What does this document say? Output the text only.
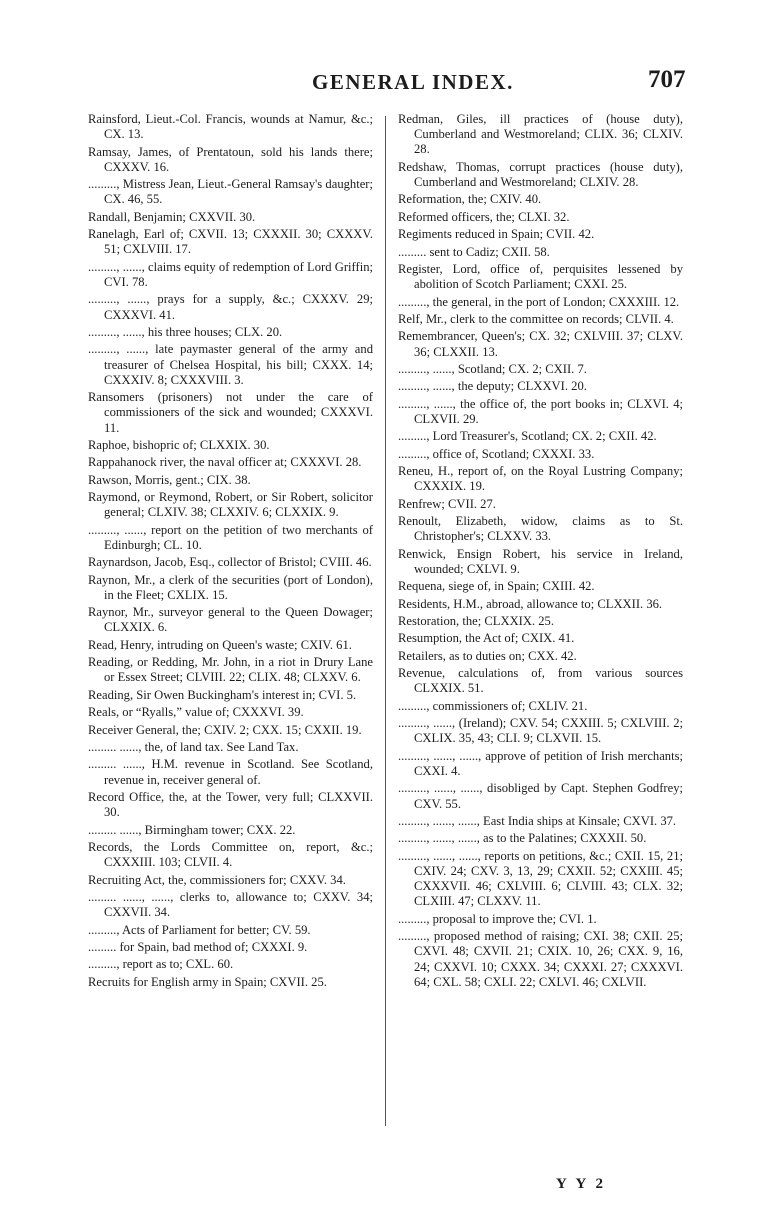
GENERAL INDEX.	707
Rainsford, Lieut.-Col. Francis, wounds at Namur, &c.; CX. 13.
Ramsay, James, of Prentatoun, sold his lands there; CXXXV. 16.
........., Mistress Jean, Lieut.-General Ramsay's daughter; CX. 46, 55.
Randall, Benjamin; CXXVII. 30.
Ranelagh, Earl of; CXVII. 13; CXXXII. 30; CXXXV. 51; CXLVIII. 17.
........., ......, claims equity of redemption of Lord Griffin; CVI. 78.
........., ......, prays for a supply, &c.; CXXXV. 29; CXXXVI. 41.
........., ......, his three houses; CLX. 20.
........., ......, late paymaster general of the army and treasurer of Chelsea Hospital, his bill; CXXX. 14; CXXXIV. 8; CXXXVIII. 3.
Ransomers (prisoners) not under the care of commissioners of the sick and wounded; CXXXVI. 11.
Raphoe, bishopric of; CLXXIX. 30.
Rappahanock river, the naval officer at; CXXXVI. 28.
Rawson, Morris, gent.; CIX. 38.
Raymond, or Reymond, Robert, or Sir Robert, solicitor general; CLXIV. 38; CLXXIV. 6; CLXXIX. 9.
........., ......, report on the petition of two merchants of Edinburgh; CL. 10.
Raynardson, Jacob, Esq., collector of Bristol; CVIII. 46.
Raynon, Mr., a clerk of the securities (port of London), in the Fleet; CXLIX. 15.
Raynor, Mr., surveyor general to the Queen Dowager; CLXXIX. 6.
Read, Henry, intruding on Queen's waste; CXIV. 61.
Reading, or Redding, Mr. John, in a riot in Drury Lane or Essex Street; CLVIII. 22; CLIX. 48; CLXXV. 6.
Reading, Sir Owen Buckingham's interest in; CVI. 5.
Reals, or “Ryalls,” value of; CXXXVI. 39.
Receiver General, the; CXIV. 2; CXX. 15; CXXII. 19.
......... ......, the, of land tax. See Land Tax.
......... ......, H.M. revenue in Scotland. See Scotland, revenue in, receiver general of.
Record Office, the, at the Tower, very full; CLXXVII. 30.
......... ......, Birmingham tower; CXX. 22.
Records, the Lords Committee on, report, &c.; CXXXIII. 103; CLVII. 4.
Recruiting Act, the, commissioners for; CXXV. 34.
......... ......, ......, clerks to, allowance to; CXXV. 34; CXXVII. 34.
........., Acts of Parliament for better; CV. 59.
......... for Spain, bad method of; CXXXI. 9.
........., report as to; CXL. 60.
Recruits for English army in Spain; CXVII. 25.
Redman, Giles, ill practices of (house duty), Cumberland and Westmoreland; CLIX. 36; CLXIV. 28.
Redshaw, Thomas, corrupt practices (house duty), Cumberland and Westmoreland; CLXIV. 28.
Reformation, the; CXIV. 40.
Reformed officers, the; CLXI. 32.
Regiments reduced in Spain; CVII. 42.
......... sent to Cadiz; CXII. 58.
Register, Lord, office of, perquisites lessened by abolition of Scotch Parliament; CXXI. 25.
........., the general, in the port of London; CXXXIII. 12.
Relf, Mr., clerk to the committee on records; CLVII. 4.
Remembrancer, Queen's; CX. 32; CXLVIII. 37; CLXV. 36; CLXXII. 13.
........., ......, Scotland; CX. 2; CXII. 7.
........., ......, the deputy; CLXXVI. 20.
........., ......, the office of, the port books in; CLXVI. 4; CLXVII. 29.
........., Lord Treasurer's, Scotland; CX. 2; CXII. 42.
........., office of, Scotland; CXXXI. 33.
Reneu, H., report of, on the Royal Lustring Company; CXXXIX. 19.
Renfrew; CVII. 27.
Renoult, Elizabeth, widow, claims as to St. Christopher's; CLXXV. 33.
Renwick, Ensign Robert, his service in Ireland, wounded; CXLVI. 9.
Requena, siege of, in Spain; CXIII. 42.
Residents, H.M., abroad, allowance to; CLXXII. 36.
Restoration, the; CLXXIX. 25.
Resumption, the Act of; CXIX. 41.
Retailers, as to duties on; CXX. 42.
Revenue, calculations of, from various sources CLXXIX. 51.
........., commissioners of; CXLIV. 21.
........., ......, (Ireland); CXV. 54; CXXIII. 5; CXLVIII. 2; CXLIX. 35, 43; CLI. 9; CLXVII. 15.
........., ......, ......, approve of petition of Irish merchants; CXXI. 4.
........., ......, ......, disobliged by Capt. Stephen Godfrey; CXV. 55.
........., ......, ......, East India ships at Kinsale; CXVI. 37.
........., ......, ......, as to the Palatines; CXXXII. 50.
........., ......, ......, reports on petitions, &c.; CXII. 15, 21; CXIV. 24; CXV. 3, 13, 29; CXXII. 52; CXXIII. 45; CXXXVII. 46; CXLVIII. 6; CLVIII. 43; CLX. 32; CLXIII. 47; CLXXV. 11.
........., proposal to improve the; CVI. 1.
........., proposed method of raising; CXI. 38; CXII. 25; CXVI. 48; CXVII. 21; CXIX. 10, 26; CXX. 9, 16, 24; CXXVI. 10; CXXX. 34; CXXXI. 27; CXXXVI. 64; CXL. 58; CXLI. 22; CXLVI. 46; CXLVII.
Y Y 2
